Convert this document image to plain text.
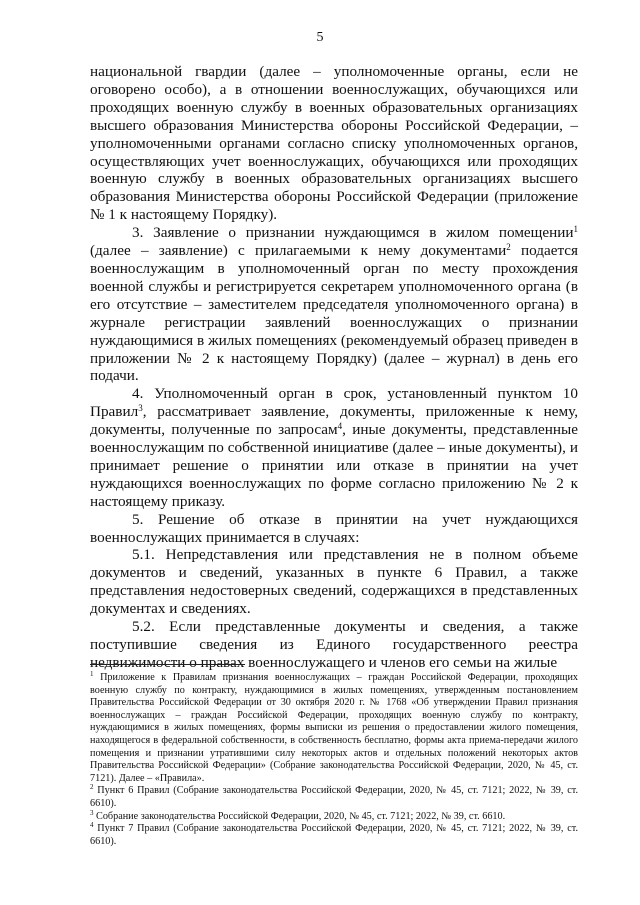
5

национальной гвардии (далее – уполномоченные органы, если не оговорено особо), а в отношении военнослужащих, обучающихся или проходящих военную службу в военных образовательных организациях высшего образования Министерства обороны Российской Федерации, – уполномоченными органами согласно списку уполномоченных органов, осуществляющих учет военнослужащих, обучающихся или проходящих военную службу в военных образовательных организациях высшего образования Министерства обороны Российской Федерации (приложение № 1 к настоящему Порядку).

3. Заявление о признании нуждающимся в жилом помещении$^1$ (далее – заявление) с прилагаемыми к нему документами$^2$ подается военнослужащим в уполномоченный орган по месту прохождения военной службы и регистрируется секретарем уполномоченного органа (в его отсутствие – заместителем председателя уполномоченного органа) в журнале регистрации заявлений военнослужащих о признании нуждающимися в жилых помещениях (рекомендуемый образец приведен в приложении № 2 к настоящему Порядку) (далее – журнал) в день его подачи.

4. Уполномоченный орган в срок, установленный пунктом 10 Правил$^3$, рассматривает заявление, документы, приложенные к нему, документы, полученные по запросам$^4$, иные документы, представленные военнослужащим по собственной инициативе (далее – иные документы), и принимает решение о принятии или отказе в принятии на учет нуждающихся военнослужащих по форме согласно приложению № 2 к настоящему приказу.

5. Решение об отказе в принятии на учет нуждающихся военнослужащих принимается в случаях:

5.1. Непредставления или представления не в полном объеме документов и сведений, указанных в пункте 6 Правил, а также представления недостоверных сведений, содержащихся в представленных документах и сведениях.

5.2. Если представленные документы и сведения, а также поступившие сведения из Единого государственного реестра недвижимости о правах военнослужащего и членов его семьи на жилые

$^1$ Приложение к Правилам признания военнослужащих – граждан Российской Федерации, проходящих военную службу по контракту, нуждающимися в жилых помещениях, утвержденным постановлением Правительства Российской Федерации от 30 октября 2020 г. № 1768 «Об утверждении Правил признания военнослужащих – граждан Российской Федерации, проходящих военную службу по контракту, нуждающимися в жилых помещениях, формы выписки из решения о предоставлении жилого помещения, находящегося в федеральной собственности, в собственность бесплатно, формы акта приема-передачи жилого помещения и признании утратившими силу некоторых актов и отдельных положений некоторых актов Правительства Российской Федерации» (Собрание законодательства Российской Федерации, 2020, № 45, ст. 7121). Далее – «Правила».

$^2$ Пункт 6 Правил (Собрание законодательства Российской Федерации, 2020, № 45, ст. 7121; 2022, № 39, ст. 6610).

$^3$ Собрание законодательства Российской Федерации, 2020, № 45, ст. 7121; 2022, № 39, ст. 6610.

$^4$ Пункт 7 Правил (Собрание законодательства Российской Федерации, 2020, № 45, ст. 7121; 2022, № 39, ст. 6610).
